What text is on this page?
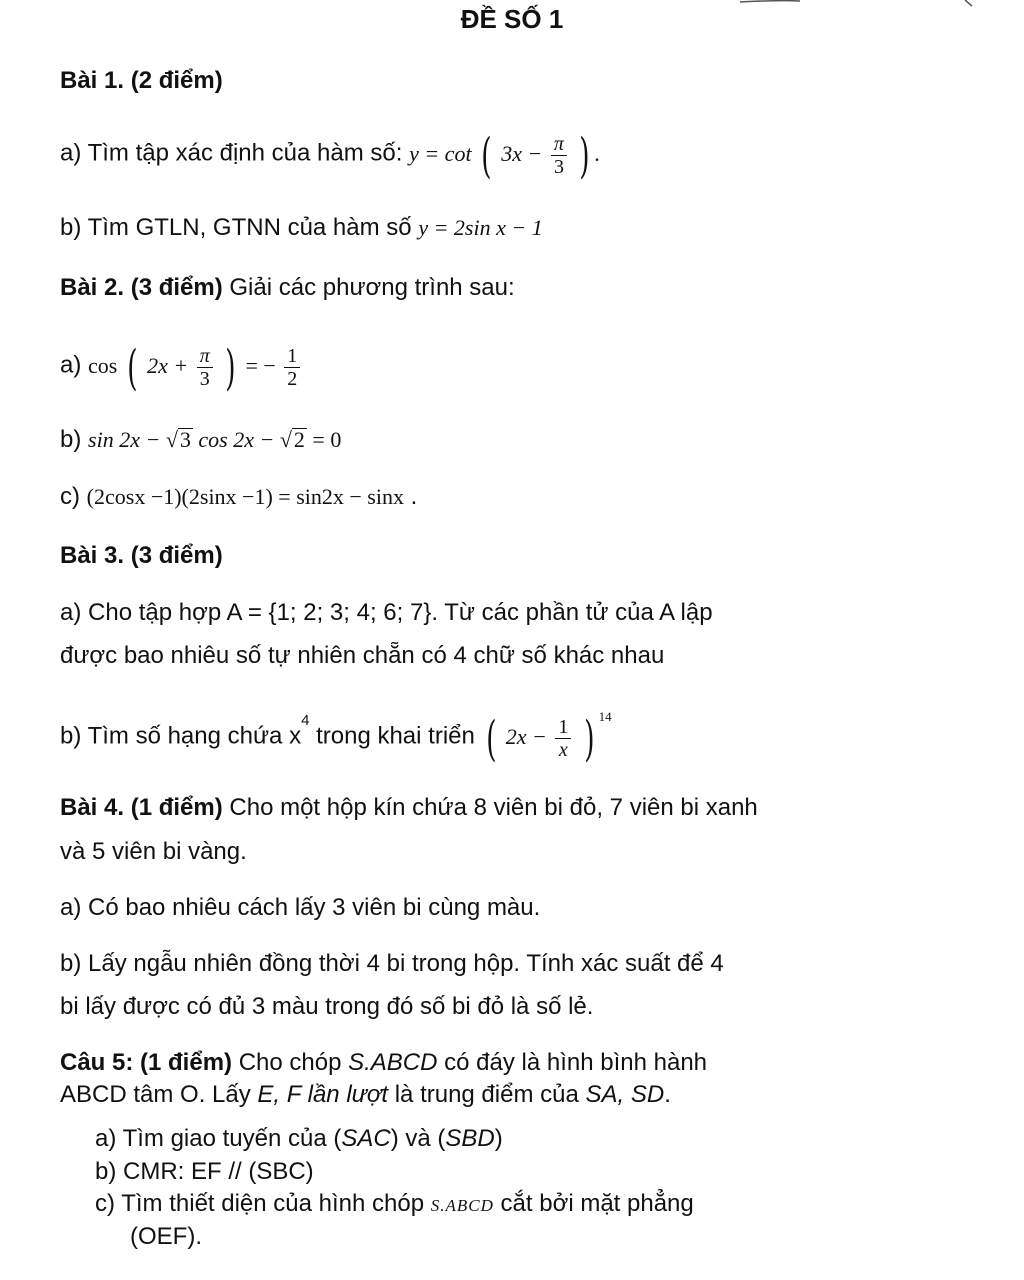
ĐỀ SỐ 1
Bài 1. (2 điểm)
a) Tìm tập xác định của hàm số: y = cot ( $3x - \frac{\pi}{3}$ ) .
b) Tìm GTLN, GTNN của hàm số y = 2sin x − 1
Bài 2. (3 điểm) Giải các phương trình sau:
a) cos ( $2x + \frac{\pi}{3}$ ) = − $\frac{1}{2}$
b) sin 2x − √3 cos 2x − √2 = 0
c) (2cosx −1)(2sinx −1) = sin2x − sinx .
Bài 3. (3 điểm)
a) Cho tập hợp A = {1; 2; 3; 4; 6; 7}. Từ các phần tử của A lập
được bao nhiêu số tự nhiên chẵn có 4 chữ số khác nhau
b) Tìm số hạng chứa $x^4$ trong khai triển ( $2x - \frac{1}{x}$ ) $^{14}$
Bài 4. (1 điểm) Cho một hộp kín chứa 8 viên bi đỏ, 7 viên bi xanh
và 5 viên bi vàng.
a) Có bao nhiêu cách lấy 3 viên bi cùng màu.
b) Lấy ngẫu nhiên đồng thời 4 bi trong hộp. Tính xác suất để 4
bi lấy được có đủ 3 màu trong đó số bi đỏ là số lẻ.
Câu 5: (1 điểm) Cho chóp S.ABCD có đáy là hình bình hành
ABCD tâm O. Lấy E, F lần lượt là trung điểm của SA, SD.
a) Tìm giao tuyến của (SAC) và (SBD)
b) CMR: EF // (SBC)
c) Tìm thiết diện của hình chóp S.ABCD cắt bởi mặt phẳng
(OEF).
